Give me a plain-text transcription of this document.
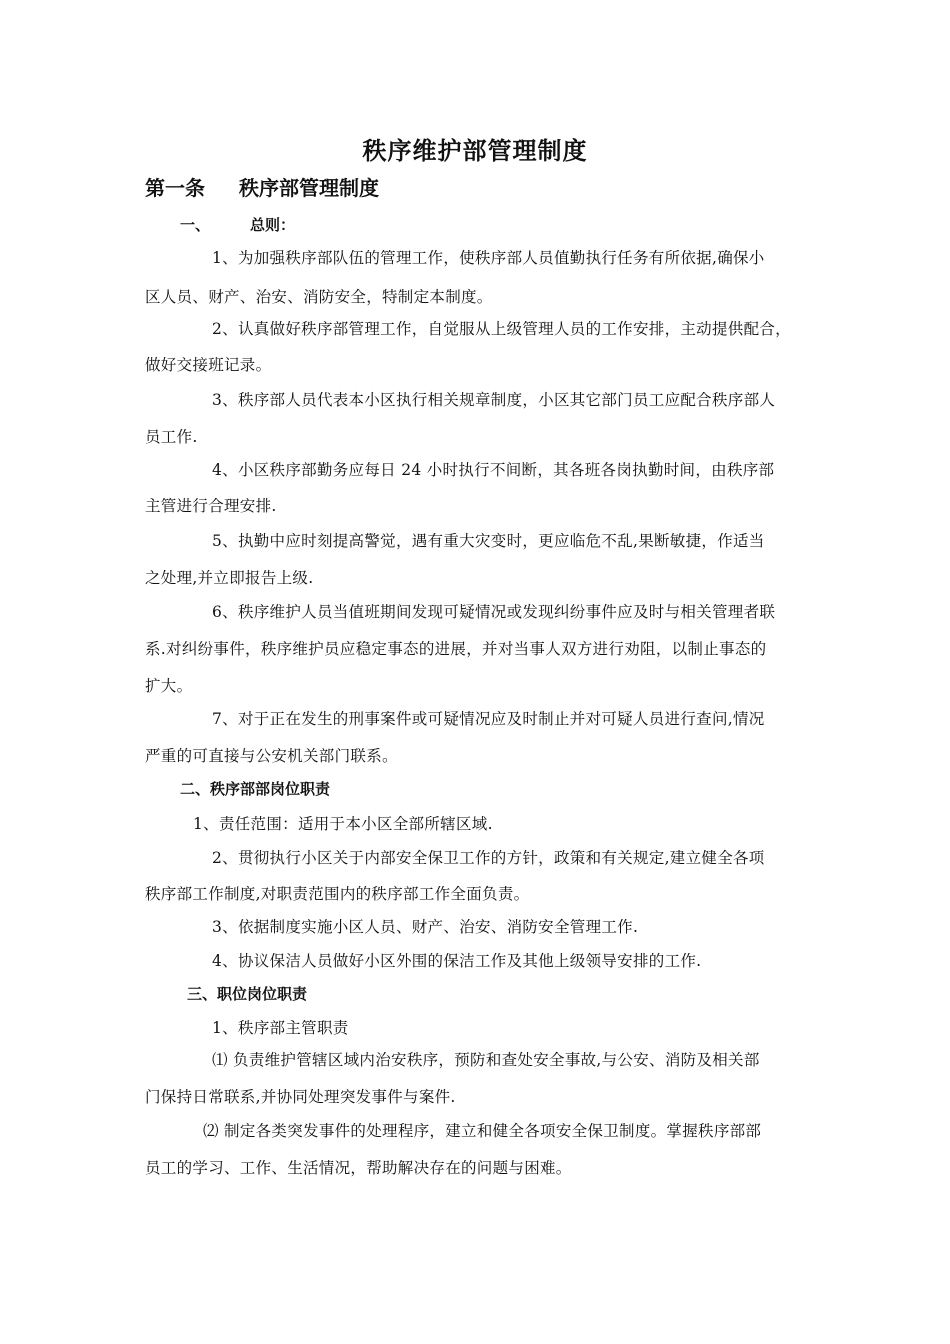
秩序维护部管理制度
第一条 秩序部管理制度
一、	总则：
1、为加强秩序部队伍的管理工作，使秩序部人员值勤执行任务有所依据,确保小
区人员、财产、治安、消防安全，特制定本制度。
2、认真做好秩序部管理工作，自觉服从上级管理人员的工作安排，主动提供配合，
做好交接班记录。
3、秩序部人员代表本小区执行相关规章制度，小区其它部门员工应配合秩序部人
员工作.
4、小区秩序部勤务应每日 24 小时执行不间断，其各班各岗执勤时间，由秩序部
主管进行合理安排.
5、执勤中应时刻提高警觉，遇有重大灾变时，更应临危不乱,果断敏捷，作适当
之处理,并立即报告上级.
6、秩序维护人员当值班期间发现可疑情况或发现纠纷事件应及时与相关管理者联
系.对纠纷事件，秩序维护员应稳定事态的进展，并对当事人双方进行劝阻，以制止事态的
扩大。
7、对于正在发生的刑事案件或可疑情况应及时制止并对可疑人员进行查问,情况
严重的可直接与公安机关部门联系。
二、秩序部部岗位职责
1、责任范围：适用于本小区全部所辖区域.
2、贯彻执行小区关于内部安全保卫工作的方针，政策和有关规定,建立健全各项
秩序部工作制度,对职责范围内的秩序部工作全面负责。
3、依据制度实施小区人员、财产、治安、消防安全管理工作.
4、协议保洁人员做好小区外围的保洁工作及其他上级领导安排的工作.
三、职位岗位职责
1、秩序部主管职责
⑴ 负责维护管辖区域内治安秩序，预防和查处安全事故,与公安、消防及相关部
门保持日常联系,并协同处理突发事件与案件.
⑵ 制定各类突发事件的处理程序，建立和健全各项安全保卫制度。掌握秩序部部
员工的学习、工作、生活情况，帮助解决存在的问题与困难。
